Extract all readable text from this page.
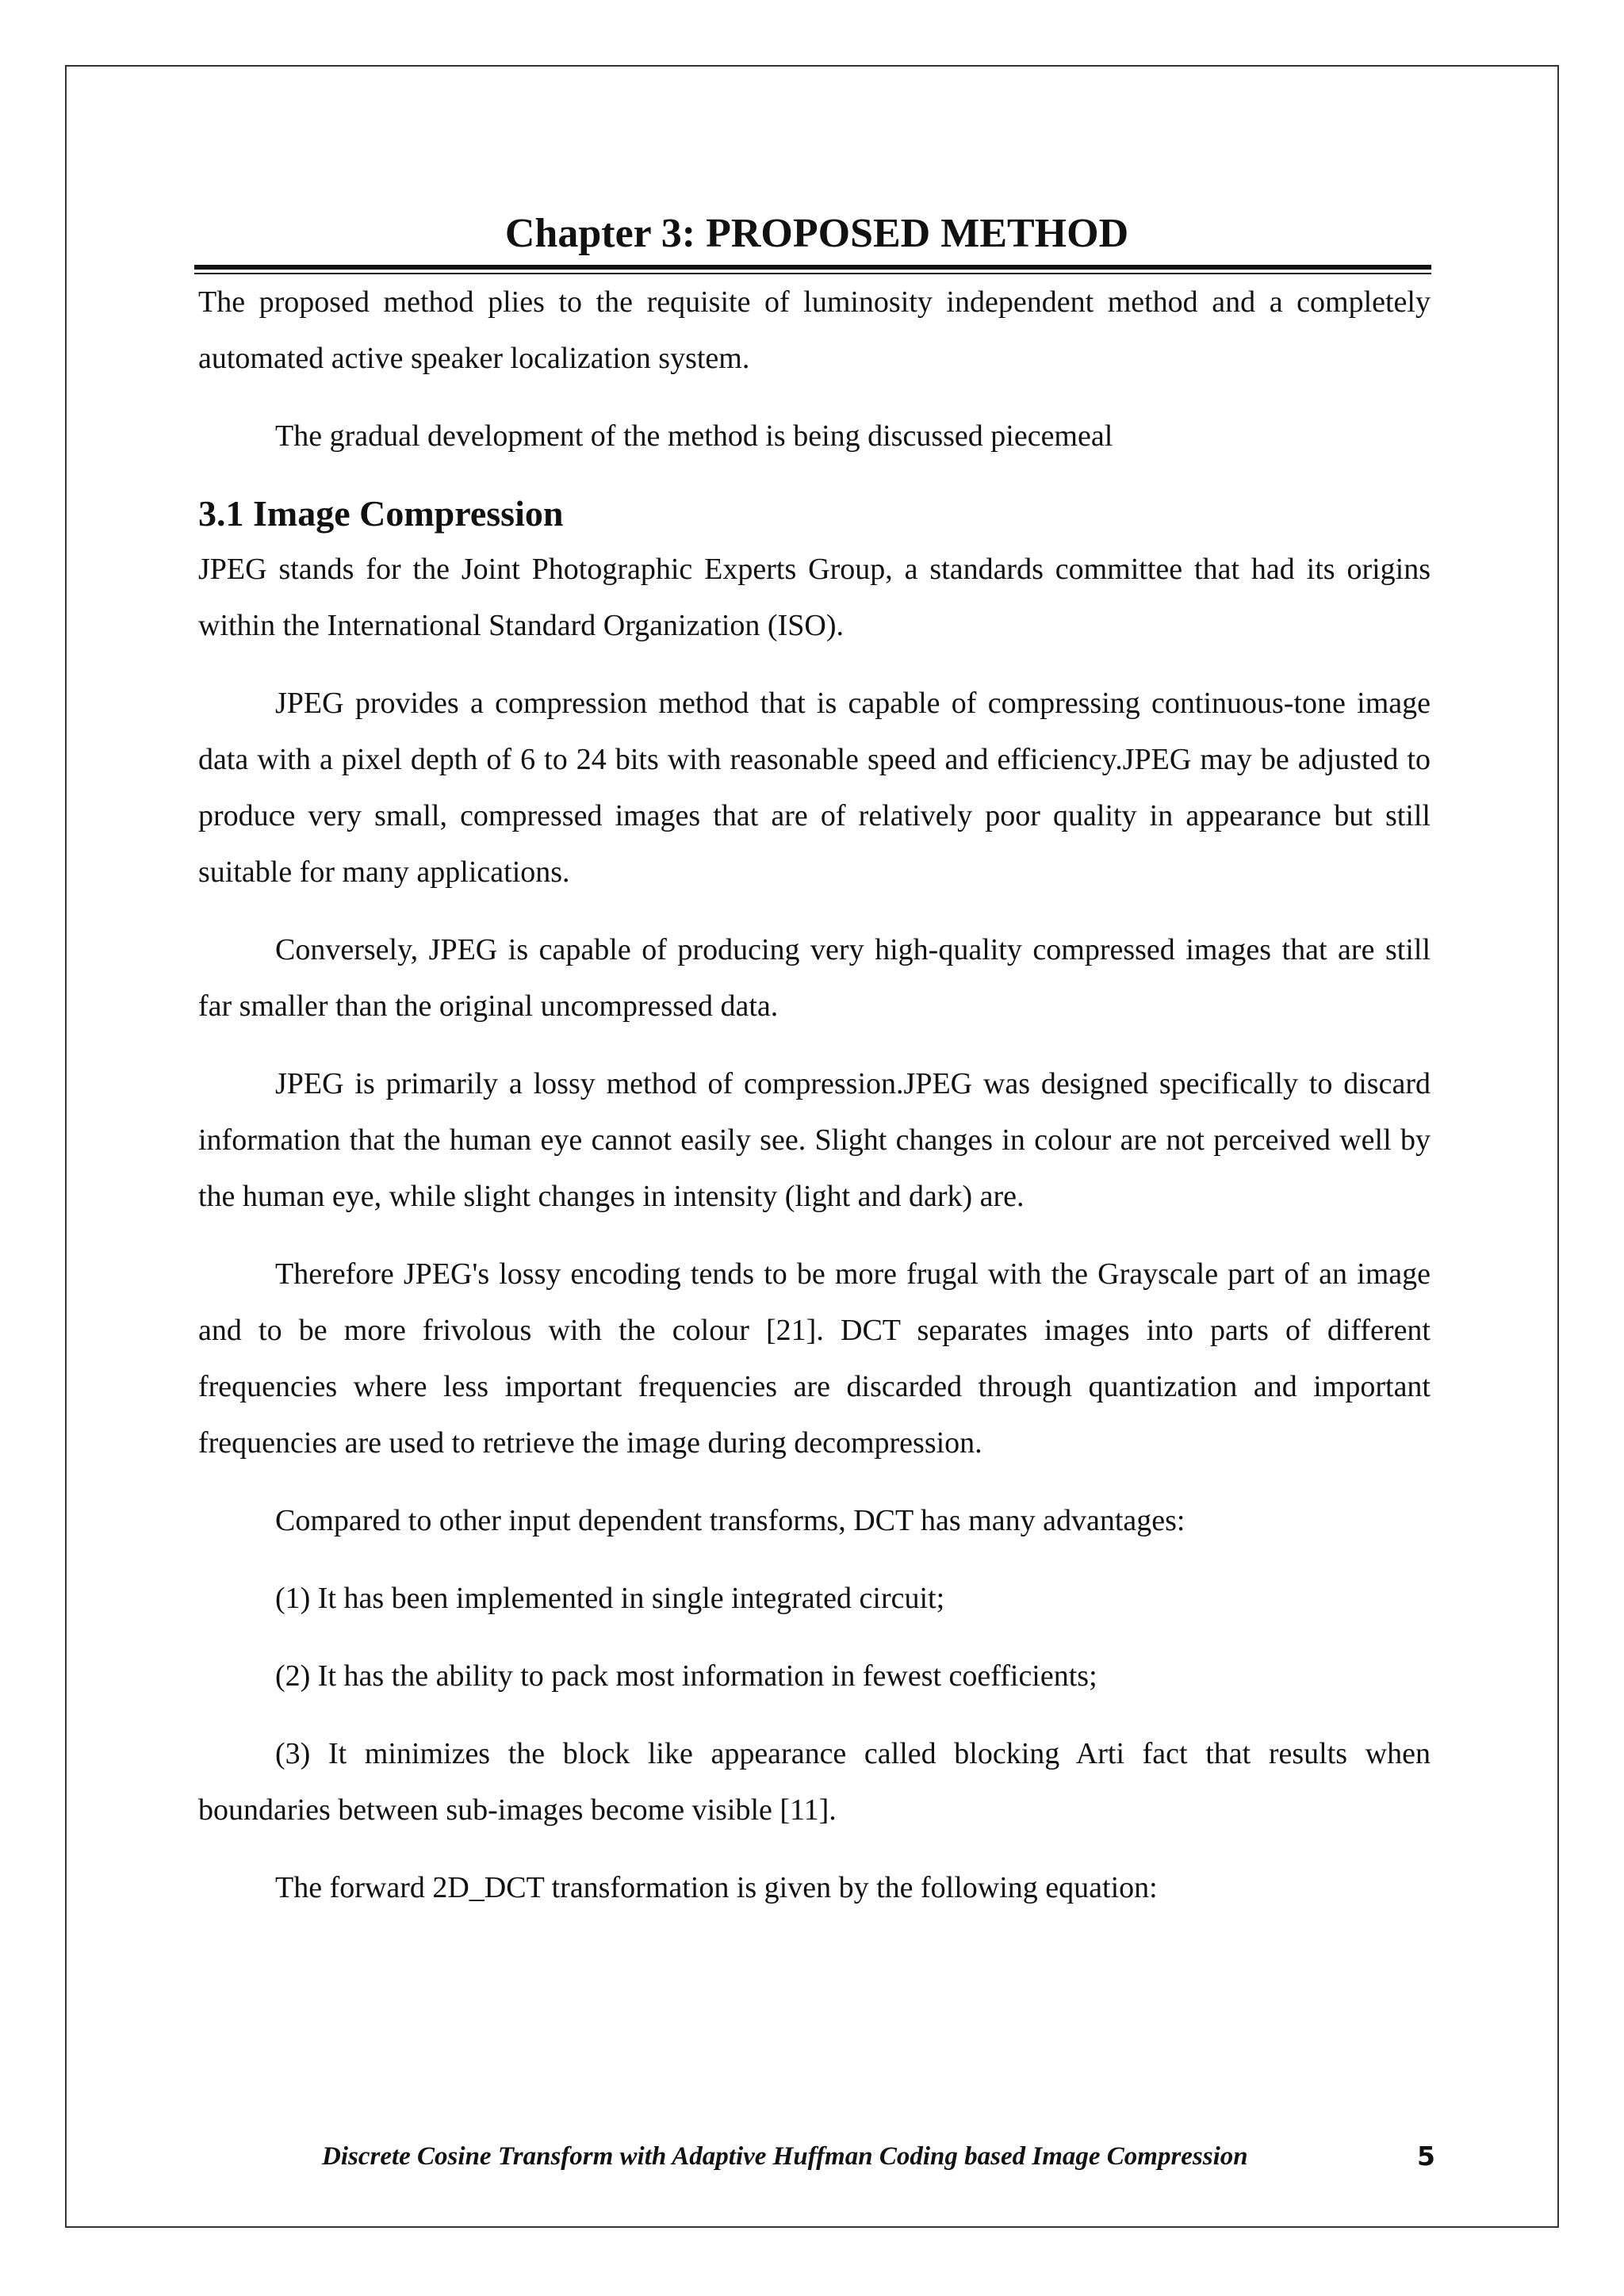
Chapter 3: PROPOSED METHOD

The proposed method plies to the requisite of luminosity independent method and a completely automated active speaker localization system.

The gradual development of the method is being discussed piecemeal

3.1 Image Compression

JPEG stands for the Joint Photographic Experts Group, a standards committee that had its origins within the International Standard Organization (ISO).

JPEG provides a compression method that is capable of compressing continuous-tone image data with a pixel depth of 6 to 24 bits with reasonable speed and efficiency.JPEG may be adjusted to produce very small, compressed images that are of relatively poor quality in appearance but still suitable for many applications.

Conversely, JPEG is capable of producing very high-quality compressed images that are still far smaller than the original uncompressed data.

JPEG is primarily a lossy method of compression.JPEG was designed specifically to discard information that the human eye cannot easily see. Slight changes in colour are not perceived well by the human eye, while slight changes in intensity (light and dark) are.

Therefore JPEG's lossy encoding tends to be more frugal with the Grayscale part of an image and to be more frivolous with the colour [21]. DCT separates images into parts of different frequencies where less important frequencies are discarded through quantization and important frequencies are used to retrieve the image during decompression.

Compared to other input dependent transforms, DCT has many advantages:

(1) It has been implemented in single integrated circuit;

(2) It has the ability to pack most information in fewest coefficients;

(3) It minimizes the block like appearance called blocking Arti fact that results when boundaries between sub-images become visible [11].

The forward 2D_DCT transformation is given by the following equation:

Discrete Cosine Transform with Adaptive Huffman Coding based Image Compression	5
